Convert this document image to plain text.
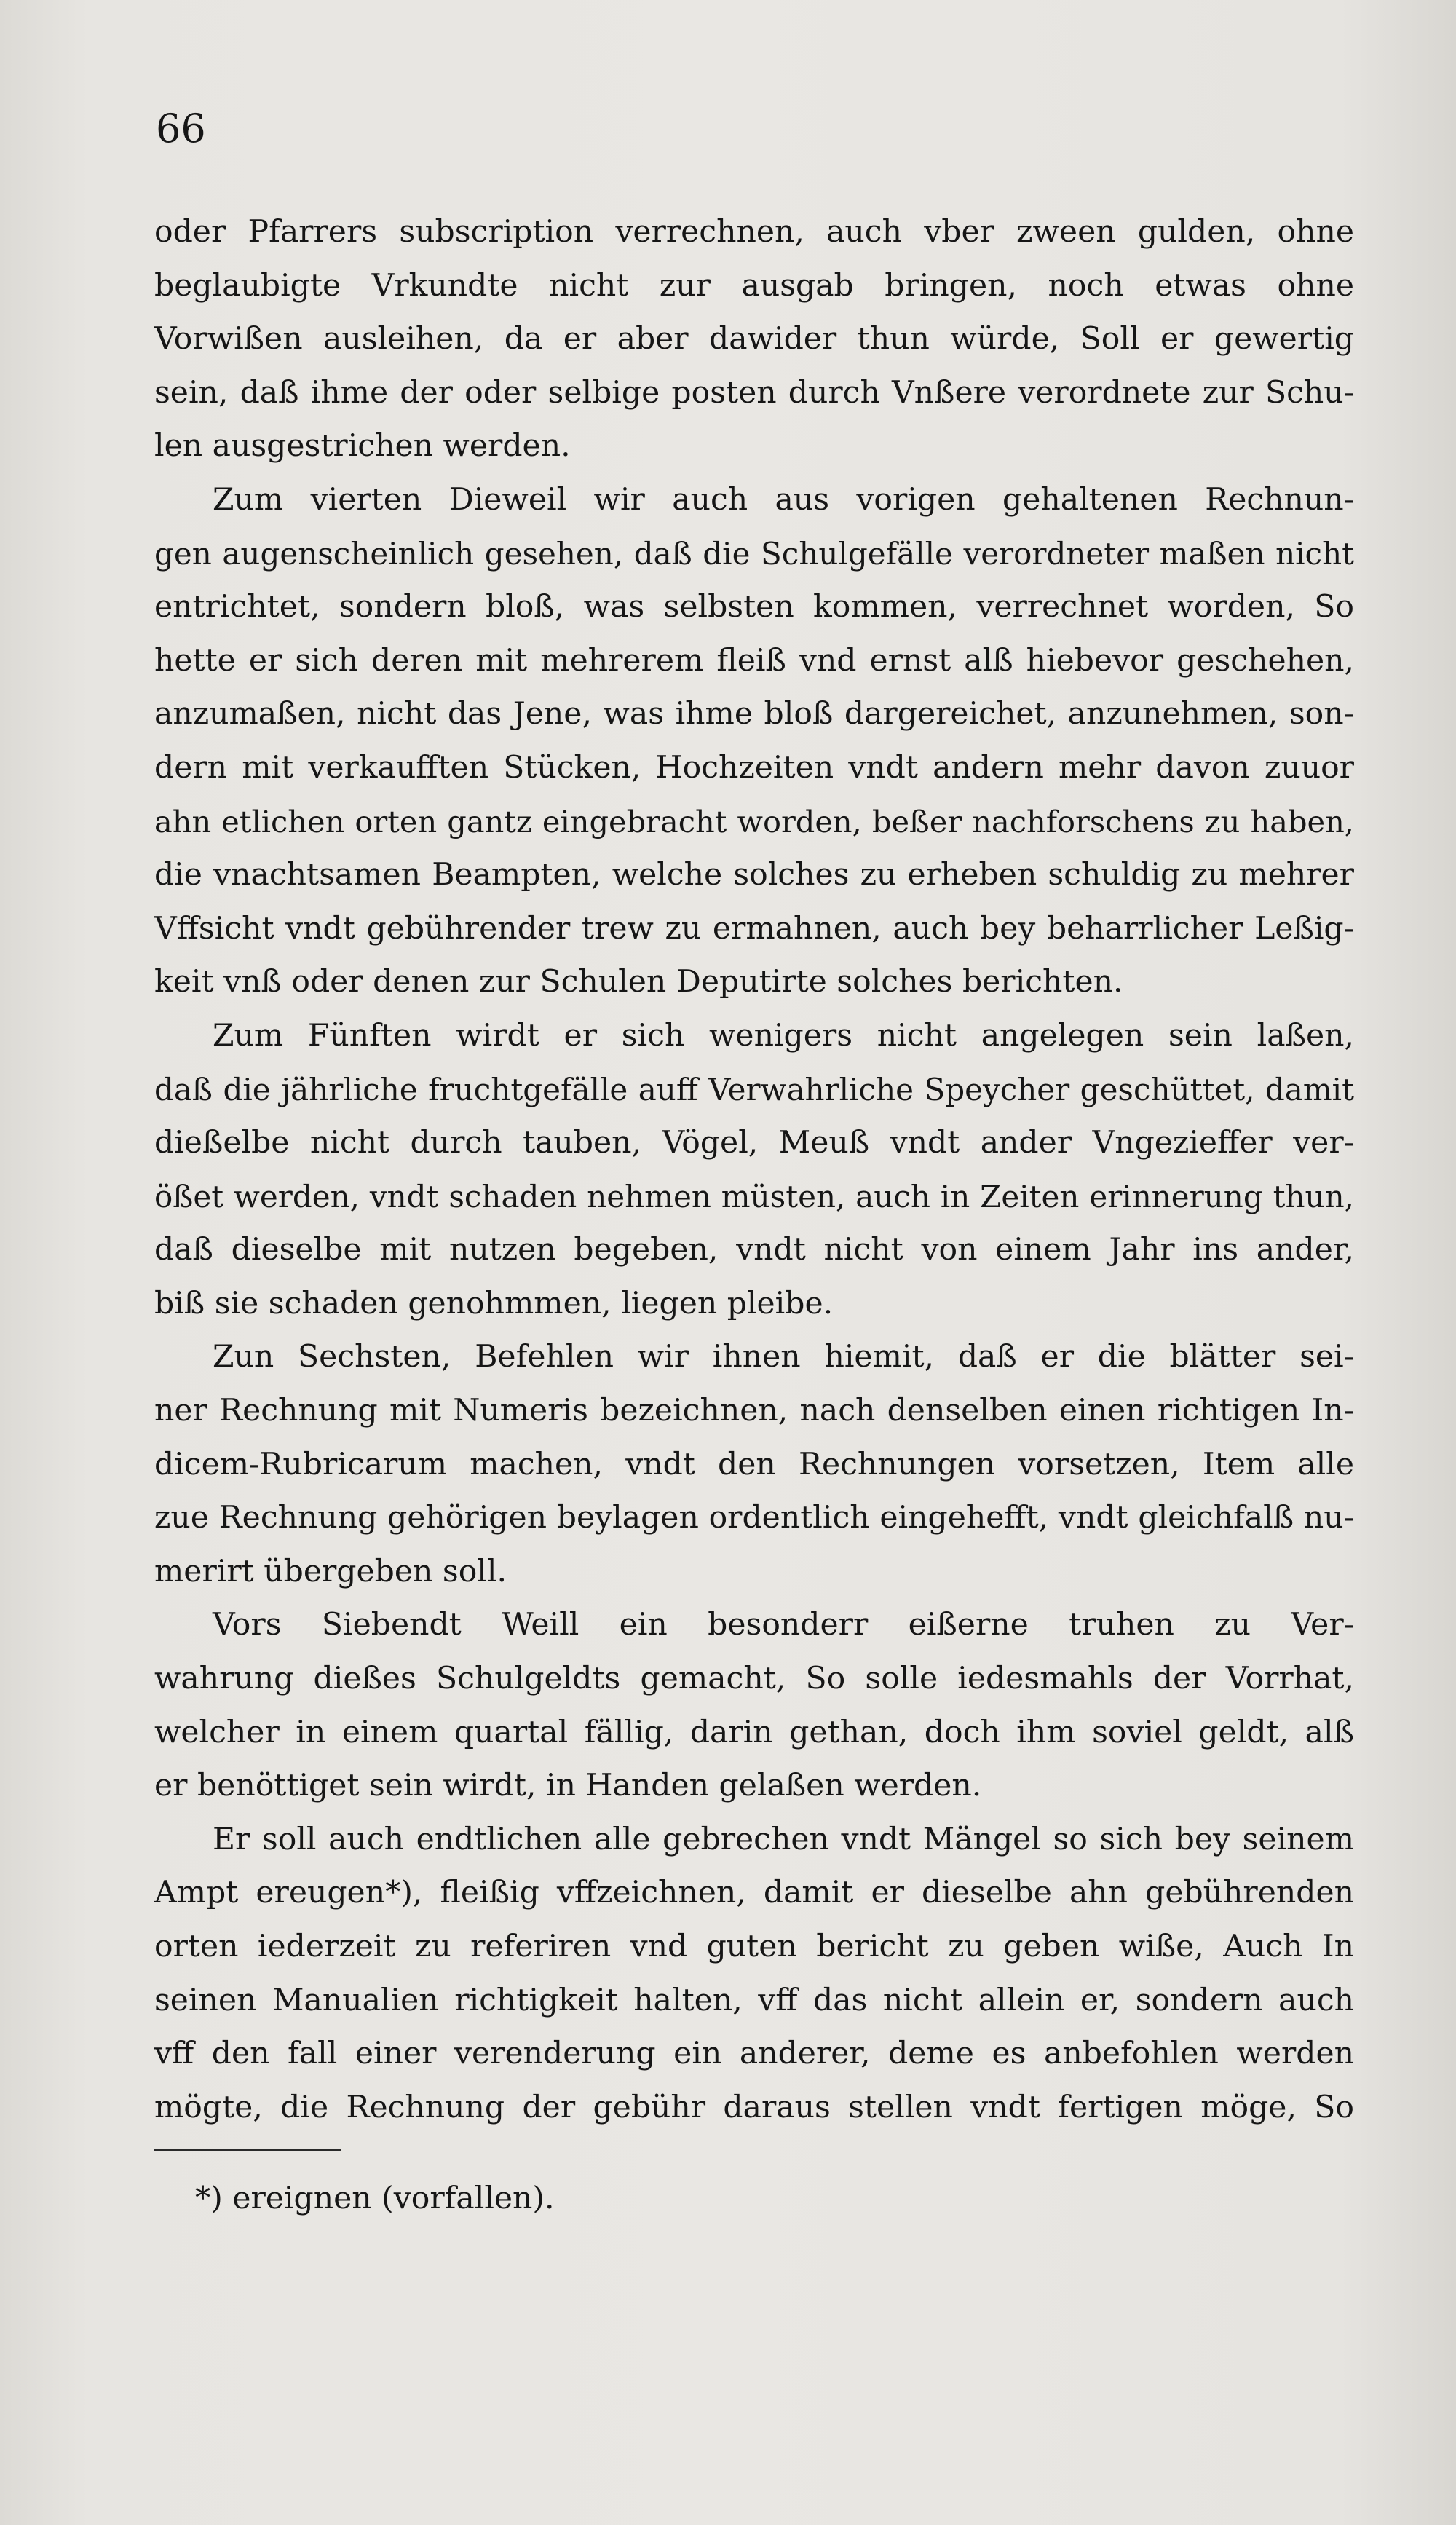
66
oder Pfarrers subscription verrechnen, auch vber zween gulden, ohne
beglaubigte Vrkundte nicht zur ausgab bringen, noch etwas ohne
Vorwißen ausleihen, da er aber dawider thun würde, Soll er gewertig
sein, daß ihme der oder selbige posten durch Vnßere verordnete zur Schu-
len ausgestrichen werden.
Zum vierten Dieweil wir auch aus vorigen gehaltenen Rechnun-
gen augenscheinlich gesehen, daß die Schulgefälle verordneter maßen nicht
entrichtet, sondern bloß, was selbsten kommen, verrechnet worden, So
hette er sich deren mit mehrerem fleiß vnd ernst alß hiebevor geschehen,
anzumaßen, nicht das Jene, was ihme bloß dargereichet, anzunehmen, son-
dern mit verkaufften Stücken, Hochzeiten vndt andern mehr davon zuuor
ahn etlichen orten gantz eingebracht worden, beßer nachforschens zu haben,
die vnachtsamen Beampten, welche solches zu erheben schuldig zu mehrer
Vffsicht vndt gebührender trew zu ermahnen, auch bey beharrlicher Leßig-
keit vnß oder denen zur Schulen Deputirte solches berichten.
Zum Fünften wirdt er sich wenigers nicht angelegen sein laßen,
daß die jährliche fruchtgefälle auff Verwahrliche Speycher geschüttet, damit
dießelbe nicht durch tauben, Vögel, Meuß vndt ander Vngezieffer ver-
ößet werden, vndt schaden nehmen müsten, auch in Zeiten erinnerung thun,
daß dieselbe mit nutzen begeben, vndt nicht von einem Jahr ins ander,
biß sie schaden genohmmen, liegen pleibe.
Zun Sechsten, Befehlen wir ihnen hiemit, daß er die blätter sei-
ner Rechnung mit Numeris bezeichnen, nach denselben einen richtigen In-
dicem-Rubricarum machen, vndt den Rechnungen vorsetzen, Item alle
zue Rechnung gehörigen beylagen ordentlich eingehefft, vndt gleichfalß nu-
merirt übergeben soll.
Vors Siebendt Weill ein besonderr eißerne truhen zu Ver-
wahrung dießes Schulgeldts gemacht, So solle iedesmahls der Vorrhat,
welcher in einem quartal fällig, darin gethan, doch ihm soviel geldt, alß
er benöttiget sein wirdt, in Handen gelaßen werden.
Er soll auch endtlichen alle gebrechen vndt Mängel so sich bey seinem
Ampt ereugen*), fleißig vffzeichnen, damit er dieselbe ahn gebührenden
orten iederzeit zu referiren vnd guten bericht zu geben wiße, Auch In
seinen Manualien richtigkeit halten, vff das nicht allein er, sondern auch
vff den fall einer verenderung ein anderer, deme es anbefohlen werden
mögte, die Rechnung der gebühr daraus stellen vndt fertigen möge, So
*) ereignen (vorfallen).
